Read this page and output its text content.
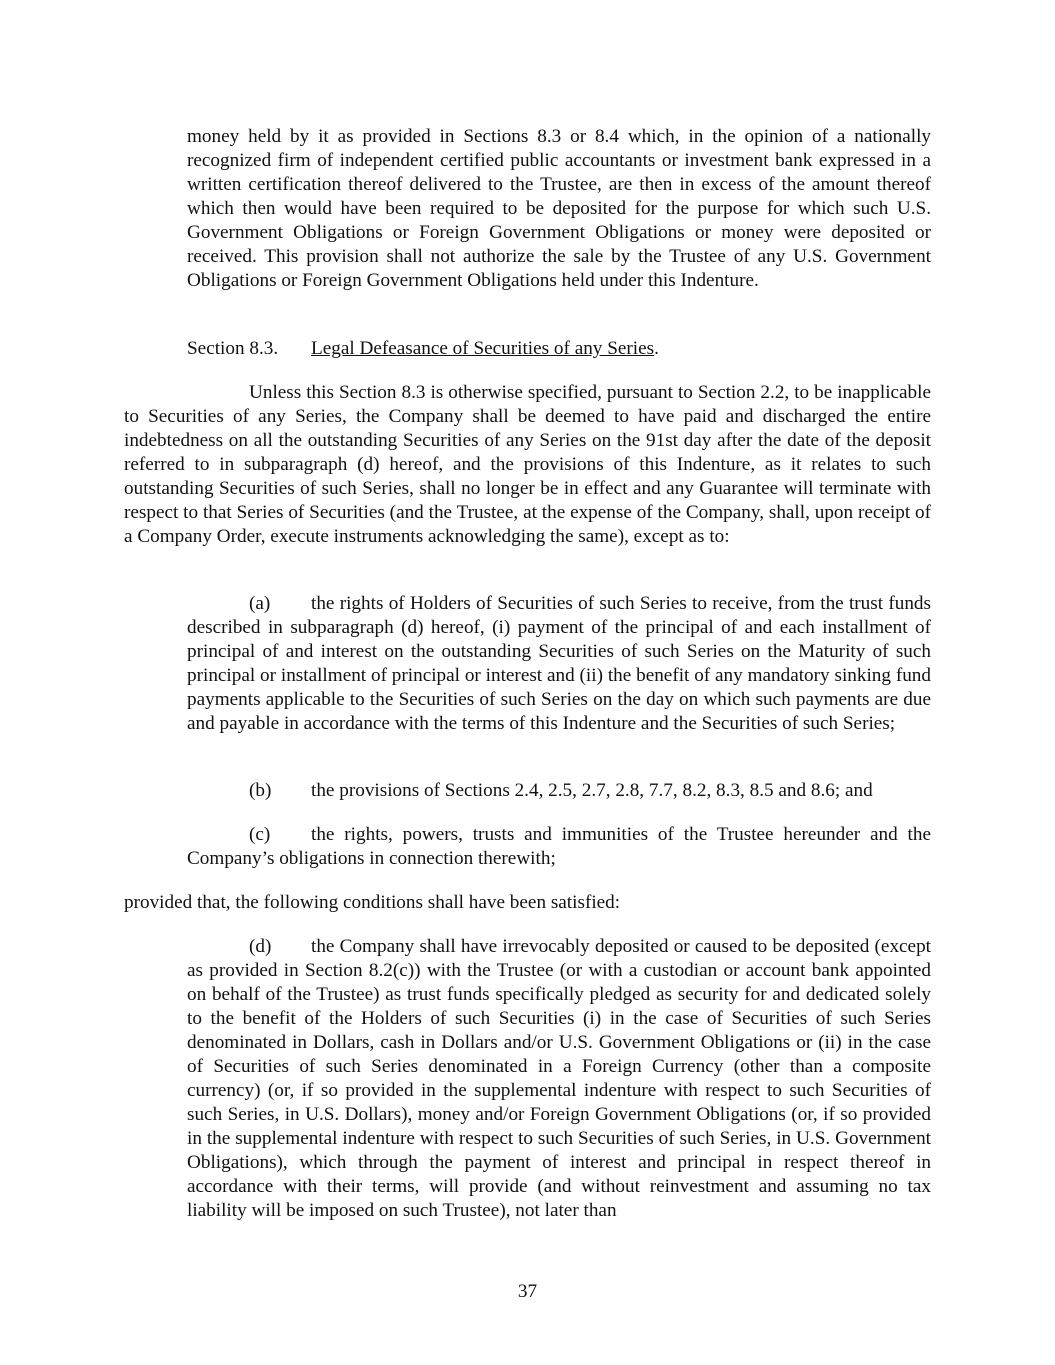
money held by it as provided in Sections 8.3 or 8.4 which, in the opinion of a nationally recognized firm of independent certified public accountants or investment bank expressed in a written certification thereof delivered to the Trustee, are then in excess of the amount thereof which then would have been required to be deposited for the purpose for which such U.S. Government Obligations or Foreign Government Obligations or money were deposited or received. This provision shall not authorize the sale by the Trustee of any U.S. Government Obligations or Foreign Government Obligations held under this Indenture.

Section 8.3. Legal Defeasance of Securities of any Series.

Unless this Section 8.3 is otherwise specified, pursuant to Section 2.2, to be inapplicable to Securities of any Series, the Company shall be deemed to have paid and discharged the entire indebtedness on all the outstanding Securities of any Series on the 91st day after the date of the deposit referred to in subparagraph (d) hereof, and the provisions of this Indenture, as it relates to such outstanding Securities of such Series, shall no longer be in effect and any Guarantee will terminate with respect to that Series of Securities (and the Trustee, at the expense of the Company, shall, upon receipt of a Company Order, execute instruments acknowledging the same), except as to:

(a) the rights of Holders of Securities of such Series to receive, from the trust funds described in subparagraph (d) hereof, (i) payment of the principal of and each installment of principal of and interest on the outstanding Securities of such Series on the Maturity of such principal or installment of principal or interest and (ii) the benefit of any mandatory sinking fund payments applicable to the Securities of such Series on the day on which such payments are due and payable in accordance with the terms of this Indenture and the Securities of such Series;

(b) the provisions of Sections 2.4, 2.5, 2.7, 2.8, 7.7, 8.2, 8.3, 8.5 and 8.6; and

(c) the rights, powers, trusts and immunities of the Trustee hereunder and the Company’s obligations in connection therewith;

provided that, the following conditions shall have been satisfied:

(d) the Company shall have irrevocably deposited or caused to be deposited (except as provided in Section 8.2(c)) with the Trustee (or with a custodian or account bank appointed on behalf of the Trustee) as trust funds specifically pledged as security for and dedicated solely to the benefit of the Holders of such Securities (i) in the case of Securities of such Series denominated in Dollars, cash in Dollars and/or U.S. Government Obligations or (ii) in the case of Securities of such Series denominated in a Foreign Currency (other than a composite currency) (or, if so provided in the supplemental indenture with respect to such Securities of such Series, in U.S. Dollars), money and/or Foreign Government Obligations (or, if so provided in the supplemental indenture with respect to such Securities of such Series, in U.S. Government Obligations), which through the payment of interest and principal in respect thereof in accordance with their terms, will provide (and without reinvestment and assuming no tax liability will be imposed on such Trustee), not later than

37
